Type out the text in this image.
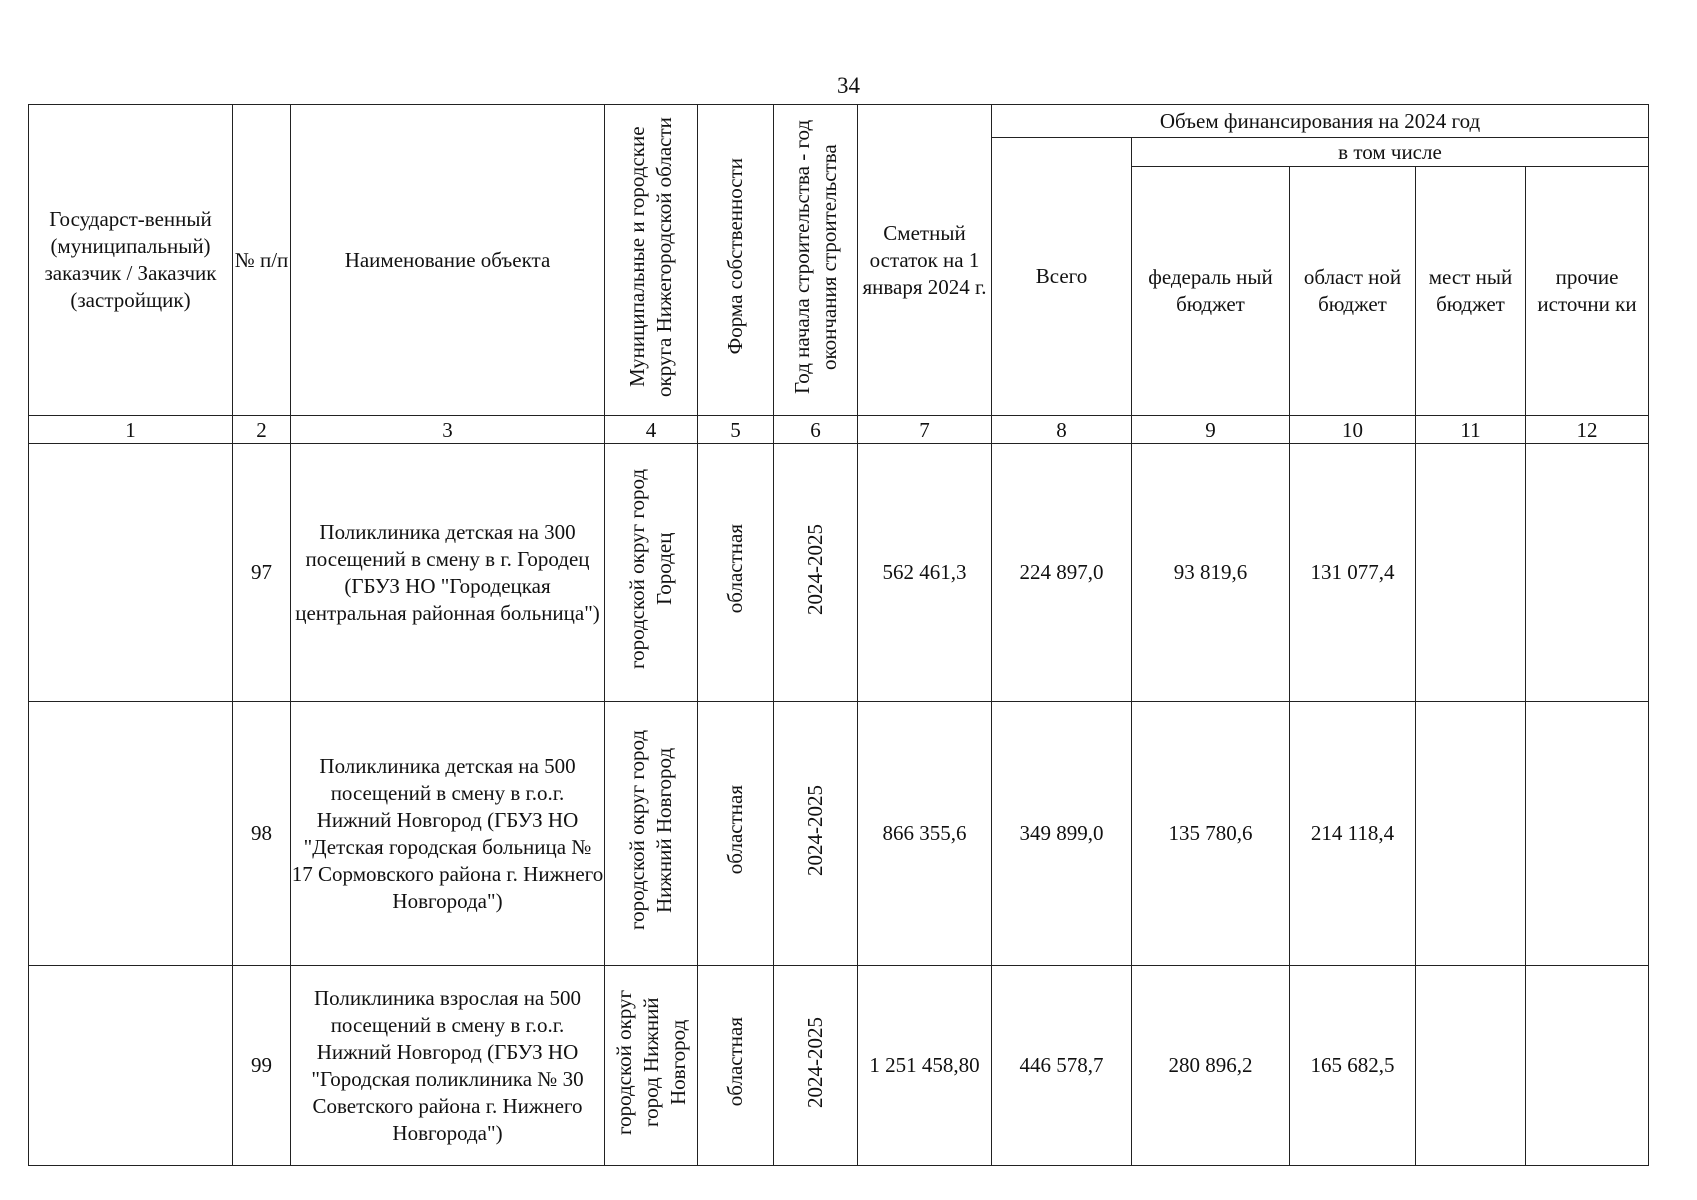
34
Государст-венный (муниципальный) заказчик / Заказчик (застройщик)	№ п/п	Наименование объекта	Муниципальные и городские округа Нижегородской области	Форма собственности	Год начала строительства - год окончания строительства	Сметный остаток на 1 января 2024 г.	Объем финансирования на 2024 год				
							Всего	в том числе			
								федераль ный бюджет	област ной бюджет	мест ный бюджет	прочие источни ки
1	2	3	4	5	6	7	8	9	10	11	12
	97	Поликлиника детская на 300 посещений в смену в г. Городец (ГБУЗ НО "Городецкая центральная районная больница")	городской округ город Городец	областная	2024-2025	562 461,3	224 897,0	93 819,6	131 077,4		
	98	Поликлиника детская на 500 посещений в смену в г.о.г. Нижний Новгород (ГБУЗ НО "Детская городская больница № 17 Сормовского района г. Нижнего Новгорода")	городской округ город Нижний Новгород	областная	2024-2025	866 355,6	349 899,0	135 780,6	214 118,4		
	99	Поликлиника взрослая на 500 посещений в смену в г.о.г. Нижний Новгород (ГБУЗ НО "Городская поликлиника № 30 Советского района г. Нижнего Новгорода")	городской округ город Нижний Новгород	областная	2024-2025	1 251 458,80	446 578,7	280 896,2	165 682,5		
